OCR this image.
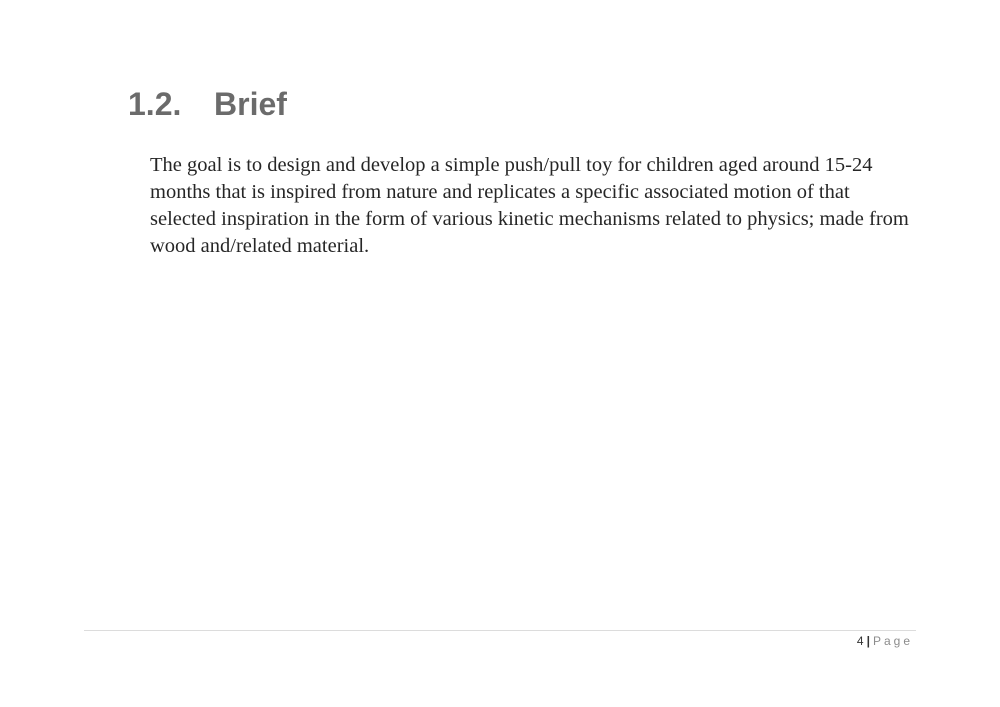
1.2. Brief

The goal is to design and develop a simple push/pull toy for children aged around 15-24 months that is inspired from nature and replicates a specific associated motion of that selected inspiration in the form of various kinetic mechanisms related to physics; made from wood and/related material.

4 | Page
